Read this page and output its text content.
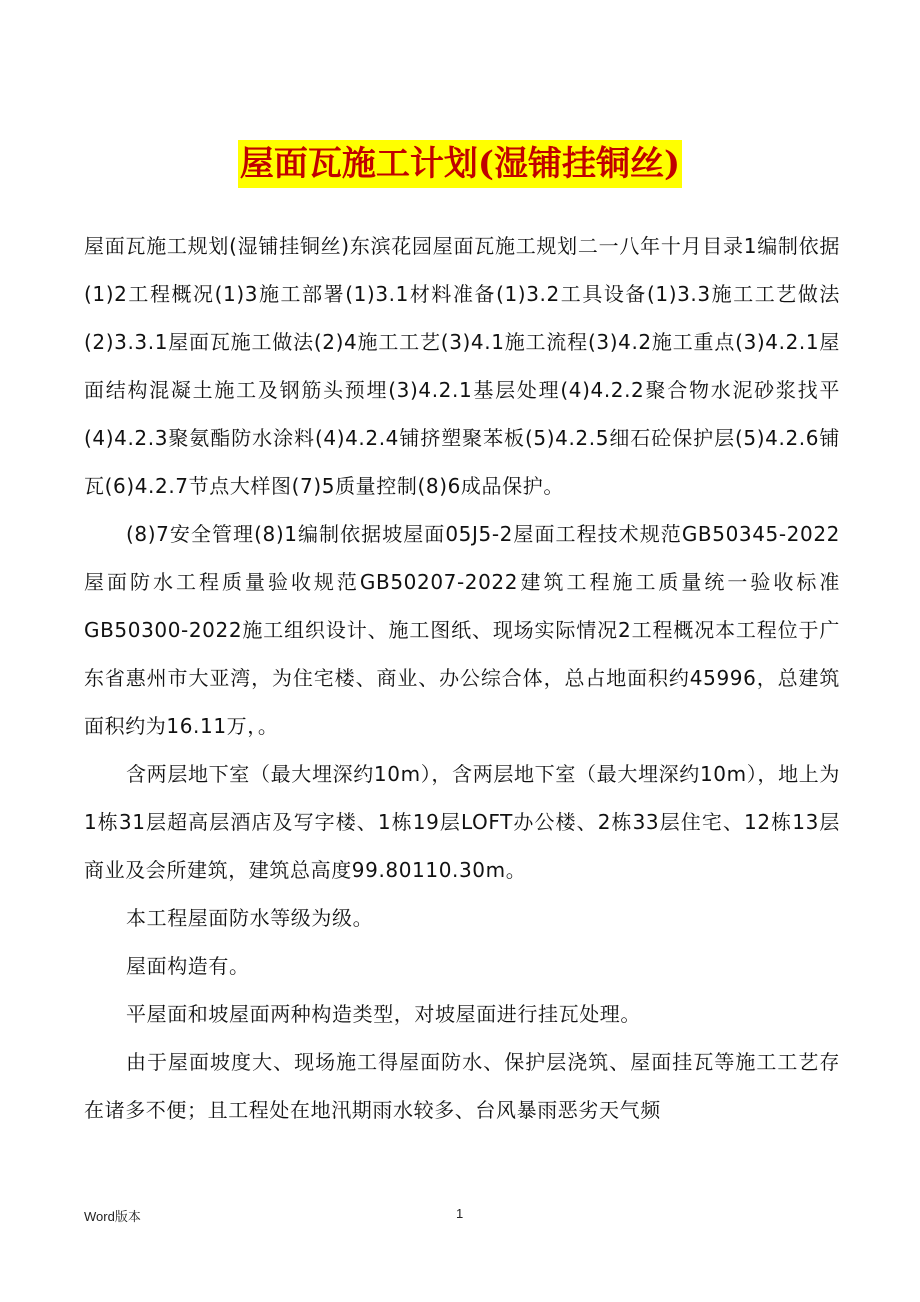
屋面瓦施工计划(湿铺挂铜丝)

屋面瓦施工规划(湿铺挂铜丝)东滨花园屋面瓦施工规划二一八年十月目录1编制依据(1)2工程概况(1)3施工部署(1)3.1材料准备(1)3.2工具设备(1)3.3施工工艺做法(2)3.3.1屋面瓦施工做法(2)4施工工艺(3)4.1施工流程(3)4.2施工重点(3)4.2.1屋面结构混凝土施工及钢筋头预埋(3)4.2.1基层处理(4)4.2.2聚合物水泥砂浆找平(4)4.2.3聚氨酯防水涂料(4)4.2.4铺挤塑聚苯板(5)4.2.5细石砼保护层(5)4.2.6铺瓦(6)4.2.7节点大样图(7)5质量控制(8)6成品保护。

(8)7安全管理(8)1编制依据坡屋面05J5-2屋面工程技术规范GB50345-2022屋面防水工程质量验收规范GB50207-2022建筑工程施工质量统一验收标准GB50300-2022施工组织设计、施工图纸、现场实际情况2工程概况本工程位于广东省惠州市大亚湾，为住宅楼、商业、办公综合体，总占地面积约45996，总建筑面积约为16.11万，。

含两层地下室（最大埋深约10m），含两层地下室（最大埋深约10m），地上为1栋31层超高层酒店及写字楼、1栋19层LOFT办公楼、2栋33层住宅、12栋13层商业及会所建筑，建筑总高度99.80110.30m。

本工程屋面防水等级为级。

屋面构造有。

平屋面和坡屋面两种构造类型，对坡屋面进行挂瓦处理。

由于屋面坡度大、现场施工得屋面防水、保护层浇筑、屋面挂瓦等施工工艺存在诸多不便；且工程处在地汛期雨水较多、台风暴雨恶劣天气频

Word版本	1
